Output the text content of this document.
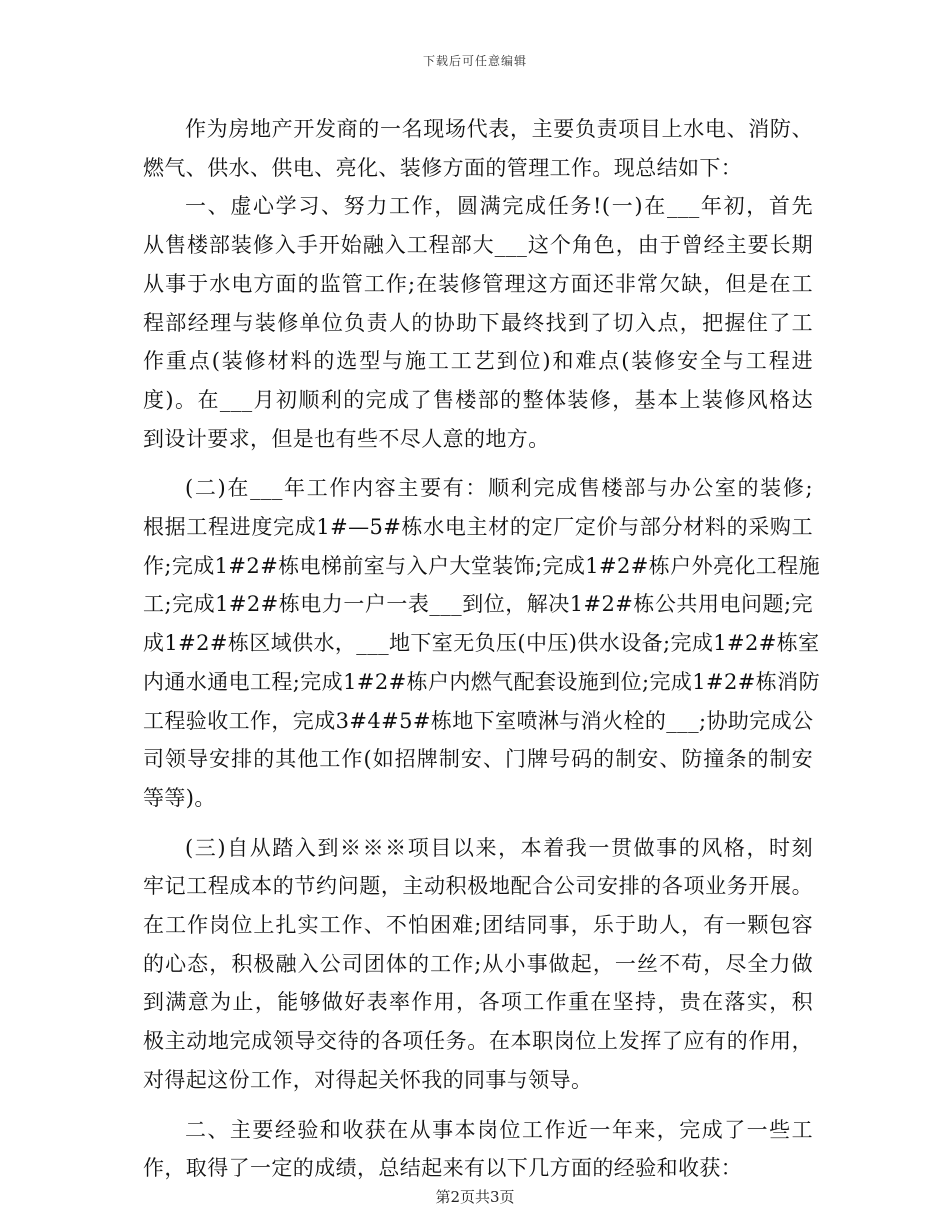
下载后可任意编辑

作为房地产开发商的一名现场代表，主要负责项目上水电、消防、
燃气、供水、供电、亮化、装修方面的管理工作。现总结如下：

一、虚心学习、努力工作，圆满完成任务!(一)在___年初，首先
从售楼部装修入手开始融入工程部大___这个角色，由于曾经主要长期
从事于水电方面的监管工作;在装修管理这方面还非常欠缺，但是在工
程部经理与装修单位负责人的协助下最终找到了切入点，把握住了工
作重点(装修材料的选型与施工工艺到位)和难点(装修安全与工程进
度)。在___月初顺利的完成了售楼部的整体装修，基本上装修风格达
到设计要求，但是也有些不尽人意的地方。

(二)在___年工作内容主要有：顺利完成售楼部与办公室的装修;
根据工程进度完成1#—5#栋水电主材的定厂定价与部分材料的采购工
作;完成1#2#栋电梯前室与入户大堂装饰;完成1#2#栋户外亮化工程施
工;完成1#2#栋电力一户一表___到位，解决1#2#栋公共用电问题;完
成1#2#栋区域供水，___地下室无负压(中压)供水设备;完成1#2#栋室
内通水通电工程;完成1#2#栋户内燃气配套设施到位;完成1#2#栋消防
工程验收工作，完成3#4#5#栋地下室喷淋与消火栓的___;协助完成公
司领导安排的其他工作(如招牌制安、门牌号码的制安、防撞条的制安
等等)。

(三)自从踏入到※※※项目以来，本着我一贯做事的风格，时刻
牢记工程成本的节约问题，主动积极地配合公司安排的各项业务开展。
在工作岗位上扎实工作、不怕困难;团结同事，乐于助人，有一颗包容
的心态，积极融入公司团体的工作;从小事做起，一丝不苟，尽全力做
到满意为止，能够做好表率作用，各项工作重在坚持，贵在落实，积
极主动地完成领导交待的各项任务。在本职岗位上发挥了应有的作用，
对得起这份工作，对得起关怀我的同事与领导。

二、主要经验和收获在从事本岗位工作近一年来，完成了一些工
作，取得了一定的成绩，总结起来有以下几方面的经验和收获：

第2页共3页
